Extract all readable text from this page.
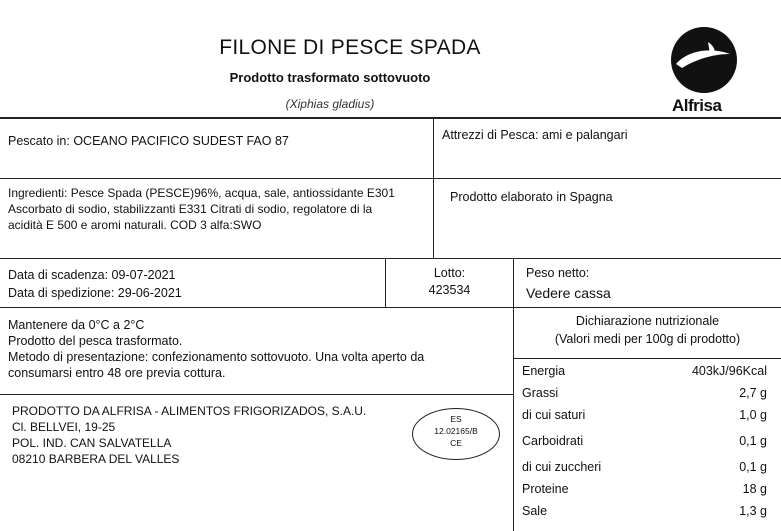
FILONE DI PESCE SPADA
Prodotto trasformato sottovuoto
(Xiphias gladius)	Alfrisa
Pescato in: OCEANO PACIFICO SUDEST FAO 87	Attrezzi di Pesca: ami e palangari
Ingredienti: Pesce Spada (PESCE)96%, acqua, sale, antiossidante E301
Ascorbato di sodio, stabilizzanti E331 Citrati di sodio, regolatore di la
acidità E 500 e aromi naturali. COD 3 alfa:SWO
Prodotto elaborato in Spagna
Data di scadenza: 09-07-2021
Data di spedizione: 29-06-2021
Lotto:
423534
Peso netto:
Vedere cassa
Mantenere da 0°C a 2°C
Prodotto del pesca trasformato.
Metodo di presentazione: confezionamento sottovuoto. Una volta aperto da
consumarsi entro 48 ore previa cottura.
PRODOTTO DA ALFRISA - ALIMENTOS FRIGORIZADOS, S.A.U.
Cl. BELLVEI, 19-25
POL. IND. CAN SALVATELLA
08210 BARBERA DEL VALLES
ES
12.02165/B
CE
Dichiarazione nutrizionale
(Valori medi per 100g di prodotto)
Energia	403kJ/96Kcal
Grassi	2,7 g
di cui saturi	1,0 g
Carboidrati	0,1 g
di cui zuccheri	0,1 g
Proteine	18 g
Sale	1,3 g
